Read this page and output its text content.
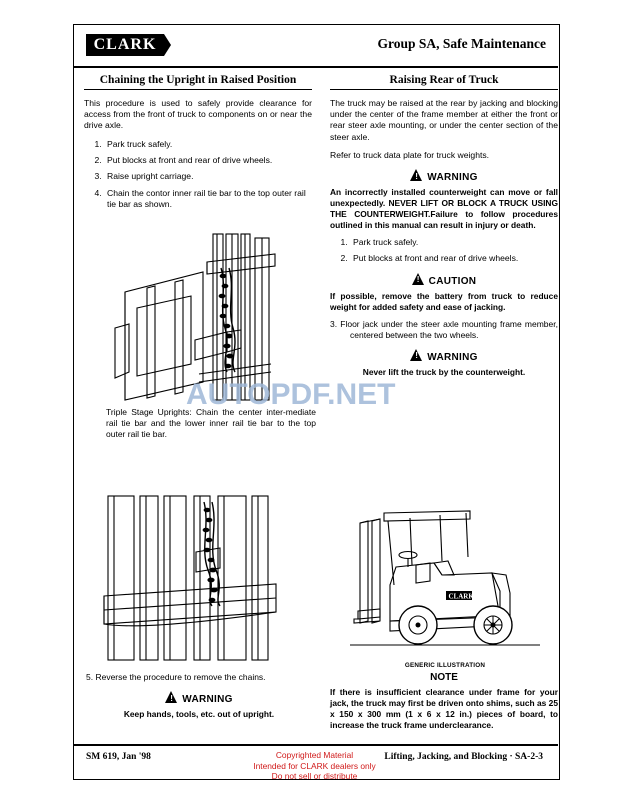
CLARK	Group SA, Safe Maintenance
Chaining the Upright in Raised Position

This procedure is used to safely provide clearance for access from the front of truck to components on or near the drive axle.

1. Park truck safely.
2. Put blocks at front and rear of drive wheels.
3. Raise upright carriage.
4. Chain the contor inner rail tie bar to the top outer rail tie bar as shown.
Triple Stage Uprights: Chain the center inter-mediate rail tie bar and the lower inner rail tie bar to the top outer rail tie bar.
5. Reverse the procedure to remove the chains.
!WARNING
Keep hands, tools, etc. out of upright.
Raising Rear of Truck

The truck may be raised at the rear by jacking and blocking under the center of the frame member at either the front or rear steer axle mounting, or under the center section of the steer axle.

Refer to truck data plate for truck weights.

!WARNING
An incorrectly installed counterweight can move or fall unexpectedly. NEVER LIFT OR BLOCK A TRUCK USING THE COUNTERWEIGHT.Failure to follow procedures outlined in this manual can result in injury or death.
1. Park truck safely.
2. Put blocks at front and rear of drive wheels.
!CAUTION
If possible, remove the battery from truck to reduce weight for added safety and ease of jacking.
3. Floor jack under the steer axle mounting frame member, centered between the two wheels.
!WARNING
Never lift the truck by the counterweight.
CLARK
GENERIC ILLUSTRATION
NOTE
If there is insufficient clearance under frame for your jack, the truck may first be driven onto shims, such as 25 x 150 x 300 mm (1 x 6 x 12 in.) pieces of board, to increase the truck frame underclearance.
AUTOPDF.NET
SM 619, Jan '98	Copyrighted Material
Intended for CLARK dealers only
Do not sell or distribute
Lifting, Jacking, and Blocking · SA-2-3
